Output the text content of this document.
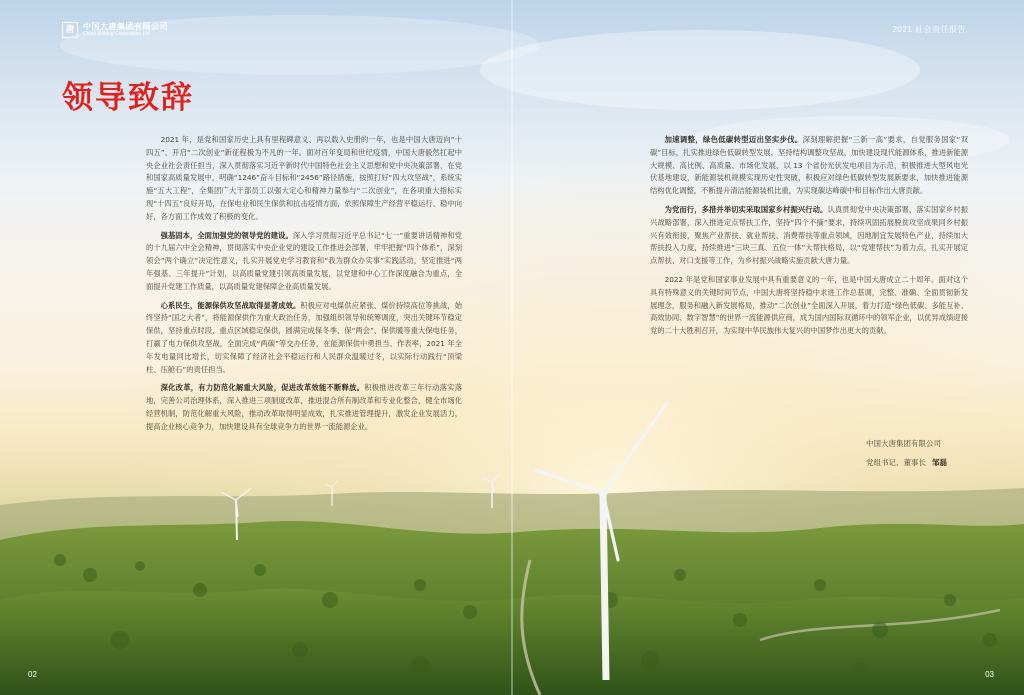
唐 中国大唐集团有限公司
China Datang Corporation Ltd.	2021 社会责任报告
领导致辞

2021 年，是党和国家历史上具有里程碑意义、再以载入史册的一年，也是中国大唐迈向“十四五”、开启“二次创业”新征程极为不凡的一年。面对百年变局和世纪疫情，中国大唐毅然扛起中央企业社会责任担当，深入贯彻落实习近平新时代中国特色社会主义思想和党中央决策部署，在党和国家高质量发展中，明确“1246”奋斗目标和“2456”路径措施，按照打好“四大攻坚战”，系统实施“五大工程”，全集团广大干部员工以强大定心和精神力量参与“二次创业”，在各项重大指标实现“十四五”良好开局，在保电业和民生保供和抗击疫情方面，依照保障生产经营平稳运行、稳中向好，各方面工作成效了积极的变化。

强基固本，全面加强党的领导党的建设。深入学习贯彻习近平总书记“七一”重要讲话精神和党的十九届六中全会精神，贯彻落实中央企业党的建设工作推进会部署，牢牢把握“四个体系”，深刻领会“两个确立”决定性意义，扎实开展党史学习教育和“我为群众办实事”实践活动，坚定推进“两年强基、三年提升”计划，以高质量党建引领高质量发展，以党建和中心工作深度融合为重点，全面提升党建工作质量，以高质量党建保障企业高质量发展。

心系民生，能源保供攻坚战取得显著成效。积极应对电煤供应紧张、煤价持续高位等挑战，始终坚持“国之大者”，将能源保供作为重大政治任务，加强组织领导和统筹调度，突出关键环节稳定保供，坚持重点时段、重点区域稳定保供，圆满完成保冬季、保“两会”、保供暖等重大保电任务，打赢了电力保供攻坚战，全面完成“两碳”等交办任务，在能源保供中勇担当、作表率，2021 年全年发电量同比增长，切实保障了经济社会平稳运行和人民群众温暖过冬，以实际行动践行“顶梁柱、压舱石”的责任担当。

深化改革，有力防范化解重大风险，促进改革效能不断释放。积极推进改革三年行动落实落地，完善公司治理体系，深入推进三项制度改革，推进混合所有制改革和专业化整合，健全市场化经营机制，防范化解重大风险，推动改革取得明显成效，扎实推进管理提升，激发企业发展活力，提高企业核心竞争力，加快建设具有全球竞争力的世界一流能源企业。

加速调整，绿色低碳转型迈出坚实步伐。深刻理解把握“三新一高”要求，自觉服务国家“双碳”目标，扎实推进绿色低碳转型发展，坚持结构调整攻坚战，加快建设现代能源体系，推进新能源大规模、高比例、高质量、市场化发展，以 13 个省份光伏发电项目为示范，积极推进大型风电光伏基地建设，新能源装机规模实现历史性突破，积极应对绿色低碳转型发展新要求，加快推进能源结构优化调整，不断提升清洁能源装机比重，为实现碳达峰碳中和目标作出大唐贡献。

为党而行，多措并举切实采取国家乡村振兴行动。认真贯彻党中央决策部署，落实国家乡村振兴战略部署，深入推进定点帮扶工作，坚持“四个不摘”要求，持续巩固拓展脱贫攻坚成果同乡村振兴有效衔接，聚焦产业帮扶、就业帮扶、消费帮扶等重点领域，因地制宜发展特色产业，持续加大帮扶投入力度，持续推进“三块三真、五位一体”大帮扶格局，以“党建帮扶”为着力点，扎实开展定点帮扶、对口支援等工作，为乡村振兴战略实施贡献大唐力量。

2022 年是党和国家事业发展中具有重要意义的一年，也是中国大唐成立二十周年。面对这个具有特殊意义的关键时间节点，中国大唐将坚持稳中求进工作总基调，完整、准确、全面贯彻新发展理念，服务和融入新发展格局，推动“二次创业”全面深入开展，着力打造“绿色低碳、多能互补、高效协同、数字智慧”的世界一流能源供应商，成为国内国际双循环中的领军企业，以优异成绩迎接党的二十大胜利召开，为实现中华民族伟大复兴的中国梦作出更大的贡献。

中国大唐集团有限公司
党组书记、董事长 邹磊
02	03
